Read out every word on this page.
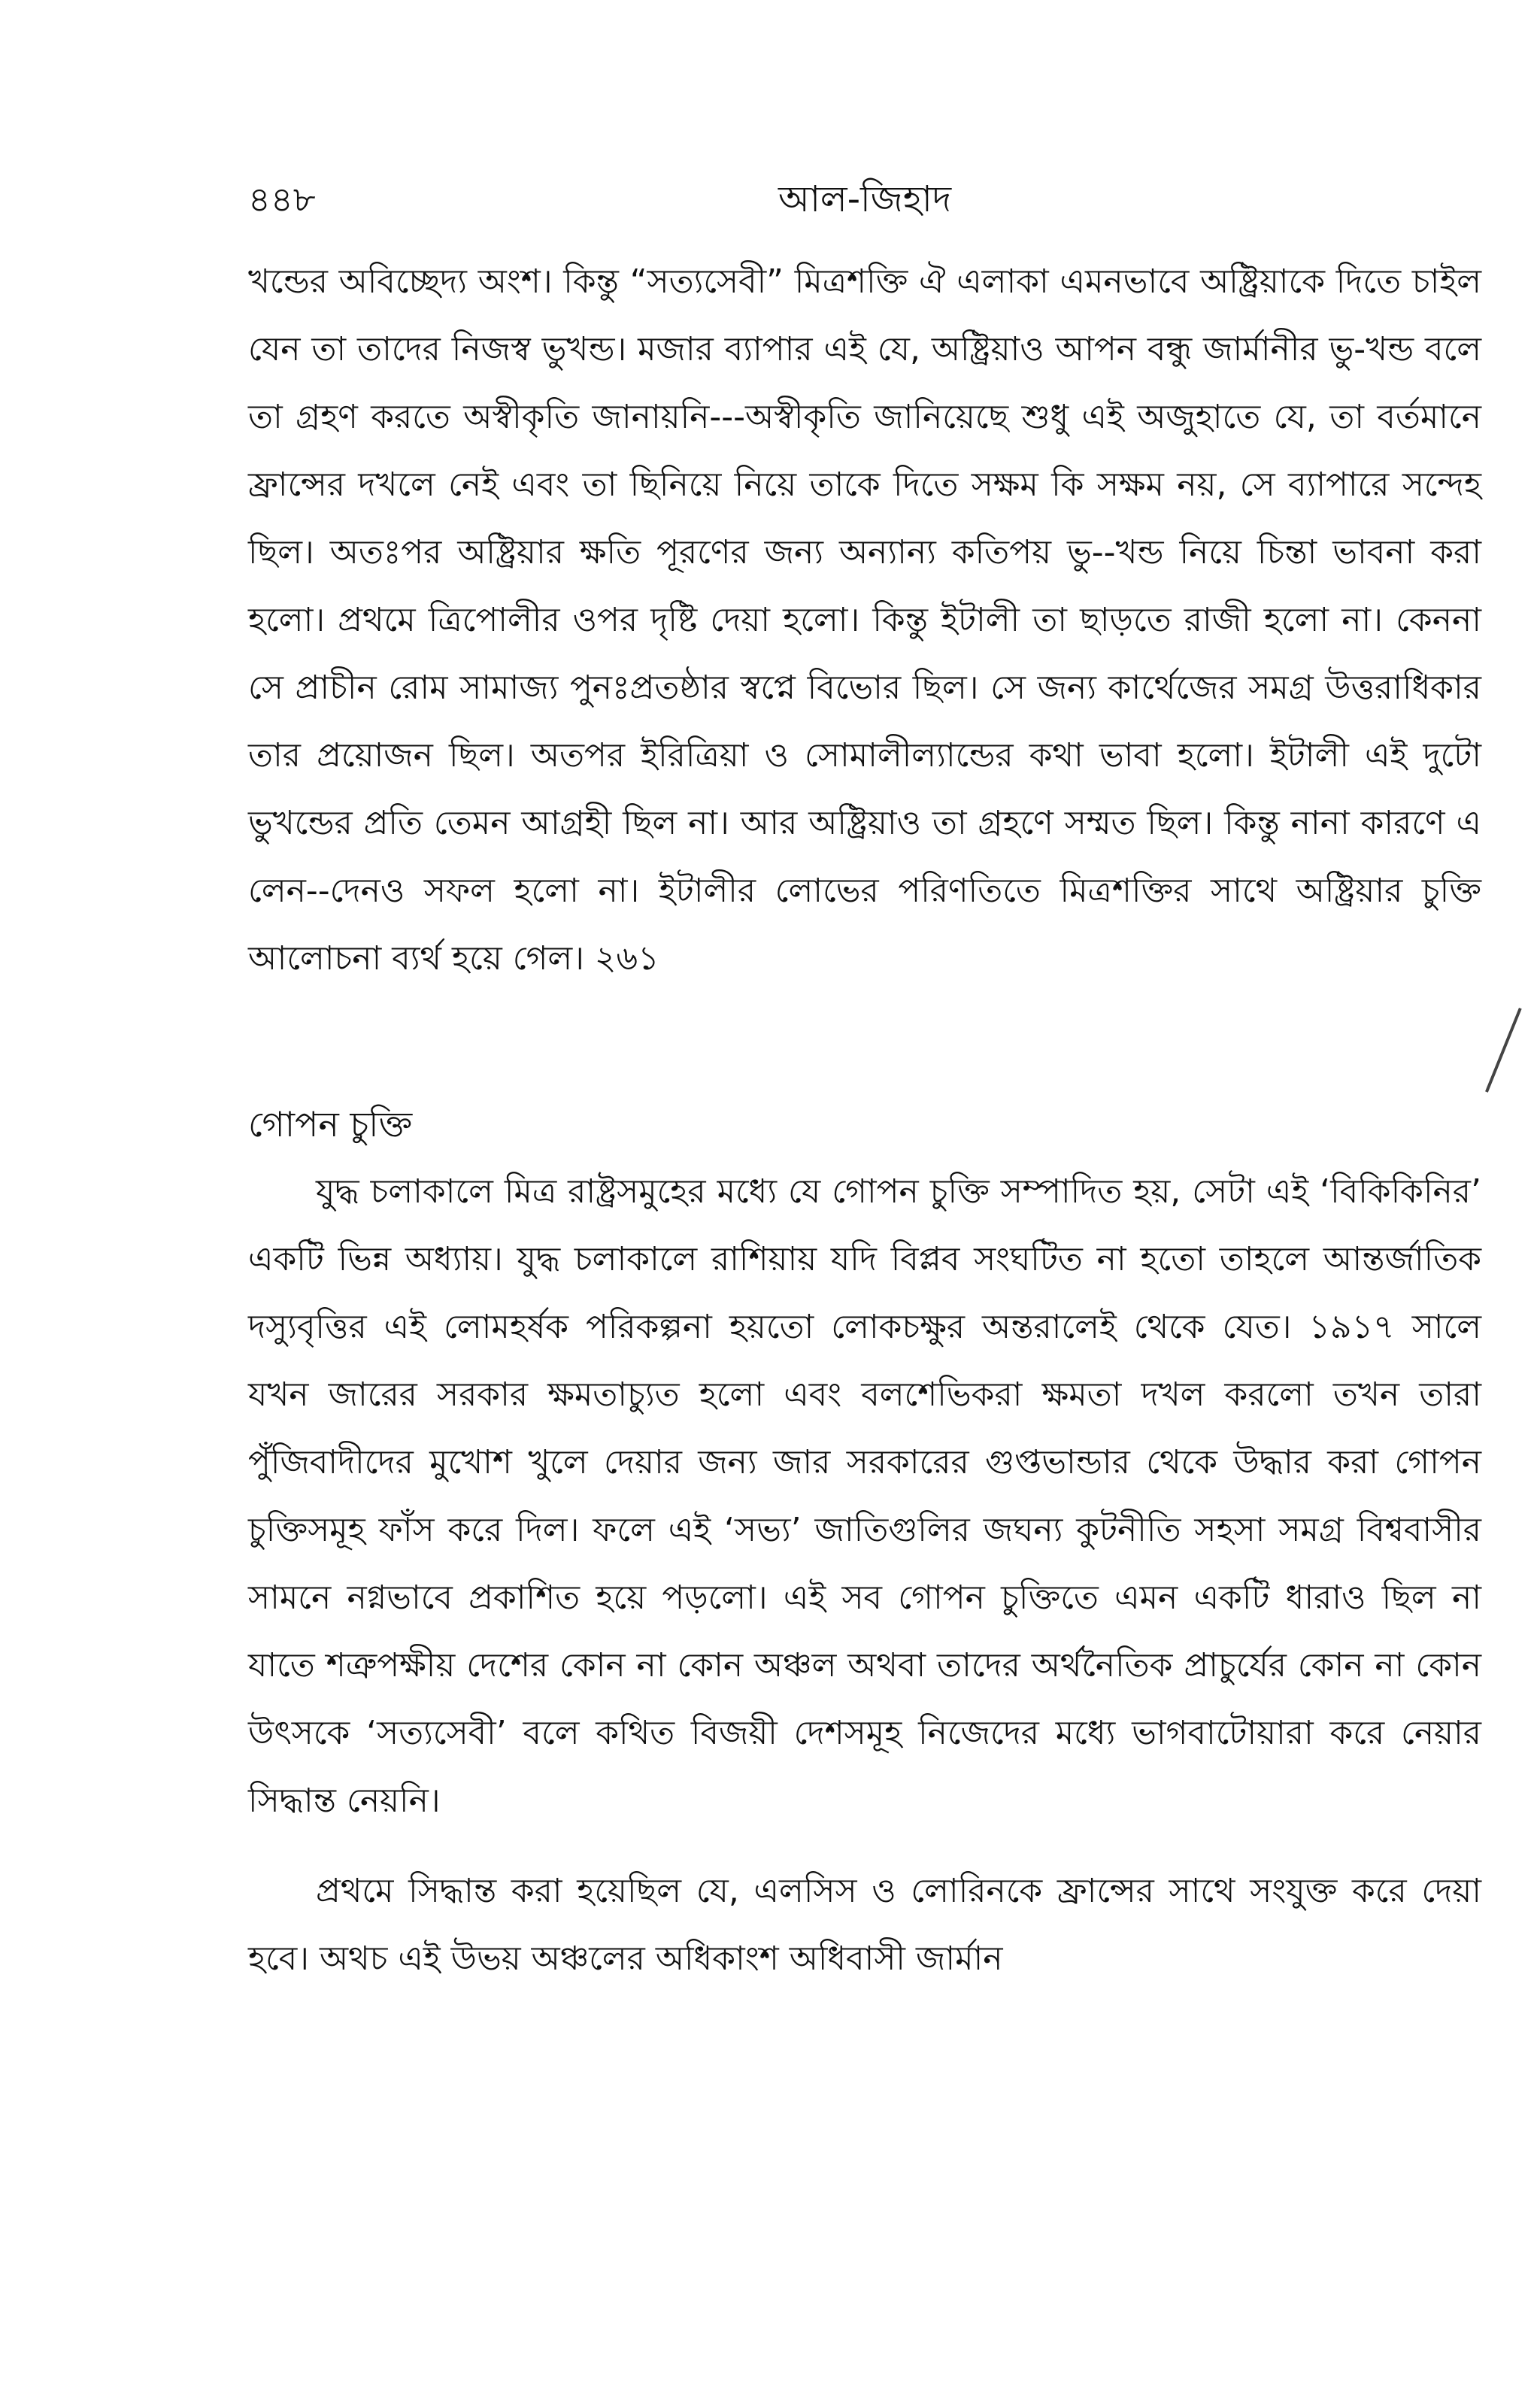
৪৪৮	আল-জিহাদ

খন্ডের অবিচ্ছেদ্য অংশ। কিন্তু “সত্যসেবী” মিত্রশক্তি ঐ এলাকা এমনভাবে অষ্ট্রিয়াকে দিতে চাইল যেন তা তাদের নিজস্ব ভুখন্ড। মজার ব্যাপার এই যে, অষ্ট্রিয়াও আপন বন্ধু জার্মানীর ভু-খন্ড বলে তা গ্রহণ করতে অস্বীকৃতি জানায়নি---অস্বীকৃতি জানিয়েছে শুধু এই অজুহাতে যে, তা বর্তমানে ফ্রান্সের দখলে নেই এবং তা ছিনিয়ে নিয়ে তাকে দিতে সক্ষম কি সক্ষম নয়, সে ব্যাপারে সন্দেহ ছিল। অতঃপর অষ্ট্রিয়ার ক্ষতি পূরণের জন্য অন্যান্য কতিপয় ভু--খন্ড নিয়ে চিন্তা ভাবনা করা হলো। প্রথমে ত্রিপোলীর ওপর দৃষ্টি দেয়া হলো। কিন্তু ইটালী তা ছাড়তে রাজী হলো না। কেননা সে প্রাচীন রোম সামাজ্য পুনঃপ্রতষ্ঠার স্বপ্নে বিভোর ছিল। সে জন্য কার্থেজের সমগ্র উত্তরাধিকার তার প্রয়োজন ছিল। অতপর ইরিত্রিয়া ও সোমালীল্যান্ডের কথা ভাবা হলো। ইটালী এই দুটো ভুখন্ডের প্রতি তেমন আগ্রহী ছিল না। আর অষ্ট্রিয়াও তা গ্রহণে সম্মত ছিল। কিন্তু নানা কারণে এ লেন--দেনও সফল হলো না। ইটালীর লোভের পরিণতিতে মিত্রশক্তির সাথে অষ্ট্রিয়ার চুক্তি আলোচনা ব্যর্থ হয়ে গেল। ২৬১

গোপন চুক্তি

যুদ্ধ চলাকালে মিত্র রাষ্ট্রসমুহের মধ্যে যে গোপন চুক্তি সম্পাদিত হয়, সেটা এই ‘বিকিকিনির’ একটি ভিন্ন অধ্যায়। যুদ্ধ চলাকালে রাশিয়ায় যদি বিপ্লব সংঘটিত না হতো তাহলে আন্তর্জাতিক দস্যুবৃত্তির এই লোমহর্ষক পরিকল্পনা হয়তো লোকচক্ষুর অন্তরালেই থেকে যেত। ১৯১৭ সালে যখন জারের সরকার ক্ষমতাচ্যুত হলো এবং বলশেভিকরা ক্ষমতা দখল করলো তখন তারা পুঁজিবাদীদের মুখোশ খুলে দেয়ার জন্য জার সরকারের গুপ্তভান্ডার থেকে উদ্ধার করা গোপন চুক্তিসমূহ ফাঁস করে দিল। ফলে এই ‘সভ্য’ জাতিগুলির জঘন্য কুটনীতি সহসা সমগ্র বিশ্ববাসীর সামনে নগ্নভাবে প্রকাশিত হয়ে পড়লো। এই সব গোপন চুক্তিতে এমন একটি ধারাও ছিল না যাতে শত্রুপক্ষীয় দেশের কোন না কোন অঞ্চল অথবা তাদের অর্থনৈতিক প্রাচুর্যের কোন না কোন উৎসকে ‘সত্যসেবী’ বলে কথিত বিজয়ী দেশসমূহ নিজেদের মধ্যে ভাগবাটোয়ারা করে নেয়ার সিদ্ধান্ত নেয়নি।

প্রথমে সিদ্ধান্ত করা হয়েছিল যে, এলসিস ও লোরিনকে ফ্রান্সের সাথে সংযুক্ত করে দেয়া হবে। অথচ এই উভয় অঞ্চলের অধিকাংশ অধিবাসী জার্মান
